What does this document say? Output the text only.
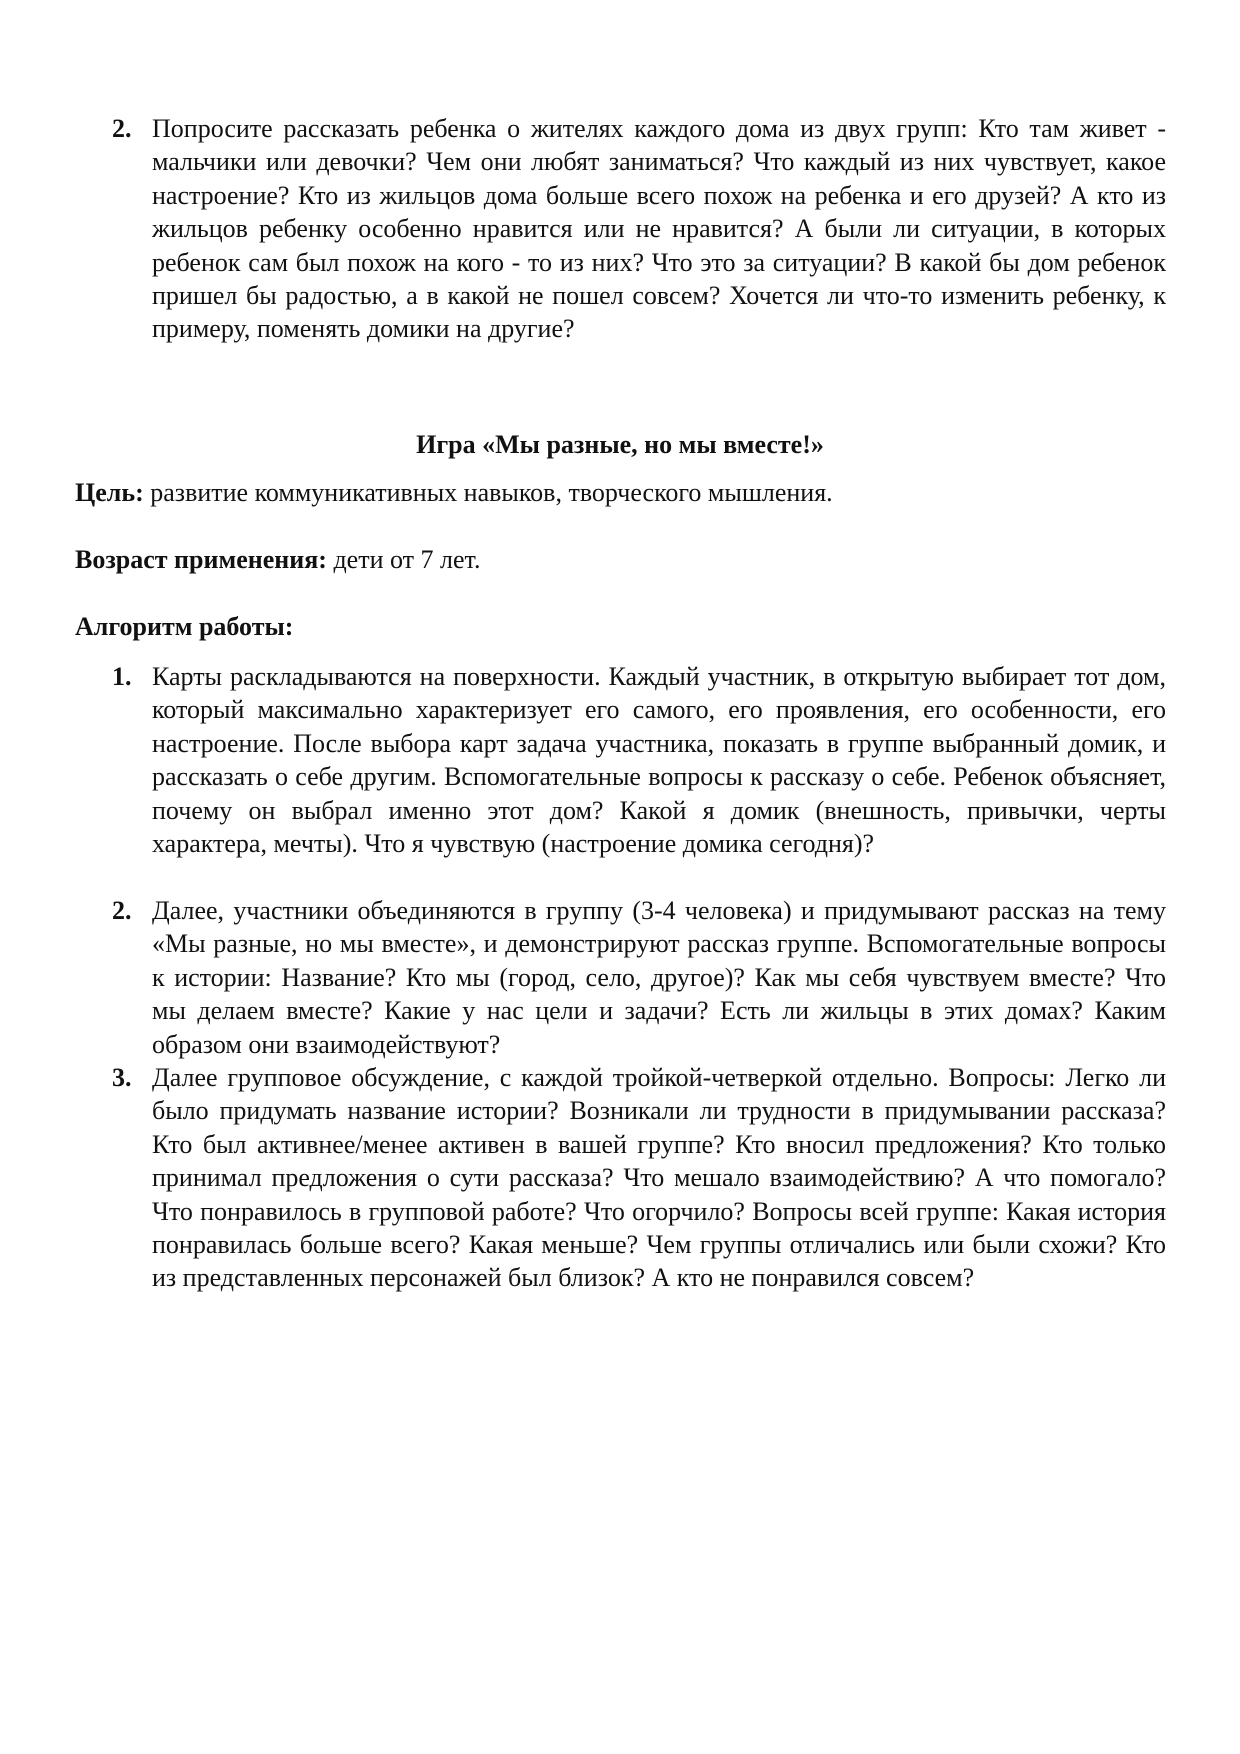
2. Попросите рассказать ребенка о жителях каждого дома из двух групп: Кто там живет - мальчики или девочки? Чем они любят заниматься? Что каждый из них чувствует, какое настроение? Кто из жильцов дома больше всего похож на ребенка и его друзей? А кто из жильцов ребенку особенно нравится или не нравится? А были ли ситуации, в которых ребенок сам был похож на кого - то из них? Что это за ситуации? В какой бы дом ребенок пришел бы радостью, а в какой не пошел совсем? Хочется ли что-то изменить ребенку, к примеру, поменять домики на другие?
Игра «Мы разные, но мы вместе!»

Цель: развитие коммуникативных навыков, творческого мышления.

Возраст применения: дети от 7 лет.

Алгоритм работы:

1. Карты раскладываются на поверхности. Каждый участник, в открытую выбирает тот дом, который максимально характеризует его самого, его проявления, его особенности, его настроение. После выбора карт задача участника, показать в группе выбранный домик, и рассказать о себе другим. Вспомогательные вопросы к рассказу о себе. Ребенок объясняет, почему он выбрал именно этот дом? Какой я домик (внешность, привычки, черты характера, мечты). Что я чувствую (настроение домика сегодня)?
2. Далее, участники объединяются в группу (3-4 человека) и придумывают рассказ на тему «Мы разные, но мы вместе», и демонстрируют рассказ группе. Вспомогательные вопросы к истории: Название? Кто мы (город, село, другое)? Как мы себя чувствуем вместе? Что мы делаем вместе? Какие у нас цели и задачи? Есть ли жильцы в этих домах? Каким образом они взаимодействуют?
3. Далее групповое обсуждение, с каждой тройкой-четверкой отдельно. Вопросы: Легко ли было придумать название истории? Возникали ли трудности в придумывании рассказа? Кто был активнее/менее активен в вашей группе? Кто вносил предложения? Кто только принимал предложения о сути рассказа? Что мешало взаимодействию? А что помогало? Что понравилось в групповой работе? Что огорчило? Вопросы всей группе: Какая история понравилась больше всего? Какая меньше? Чем группы отличались или были схожи? Кто из представленных персонажей был близок? А кто не понравился совсем?
